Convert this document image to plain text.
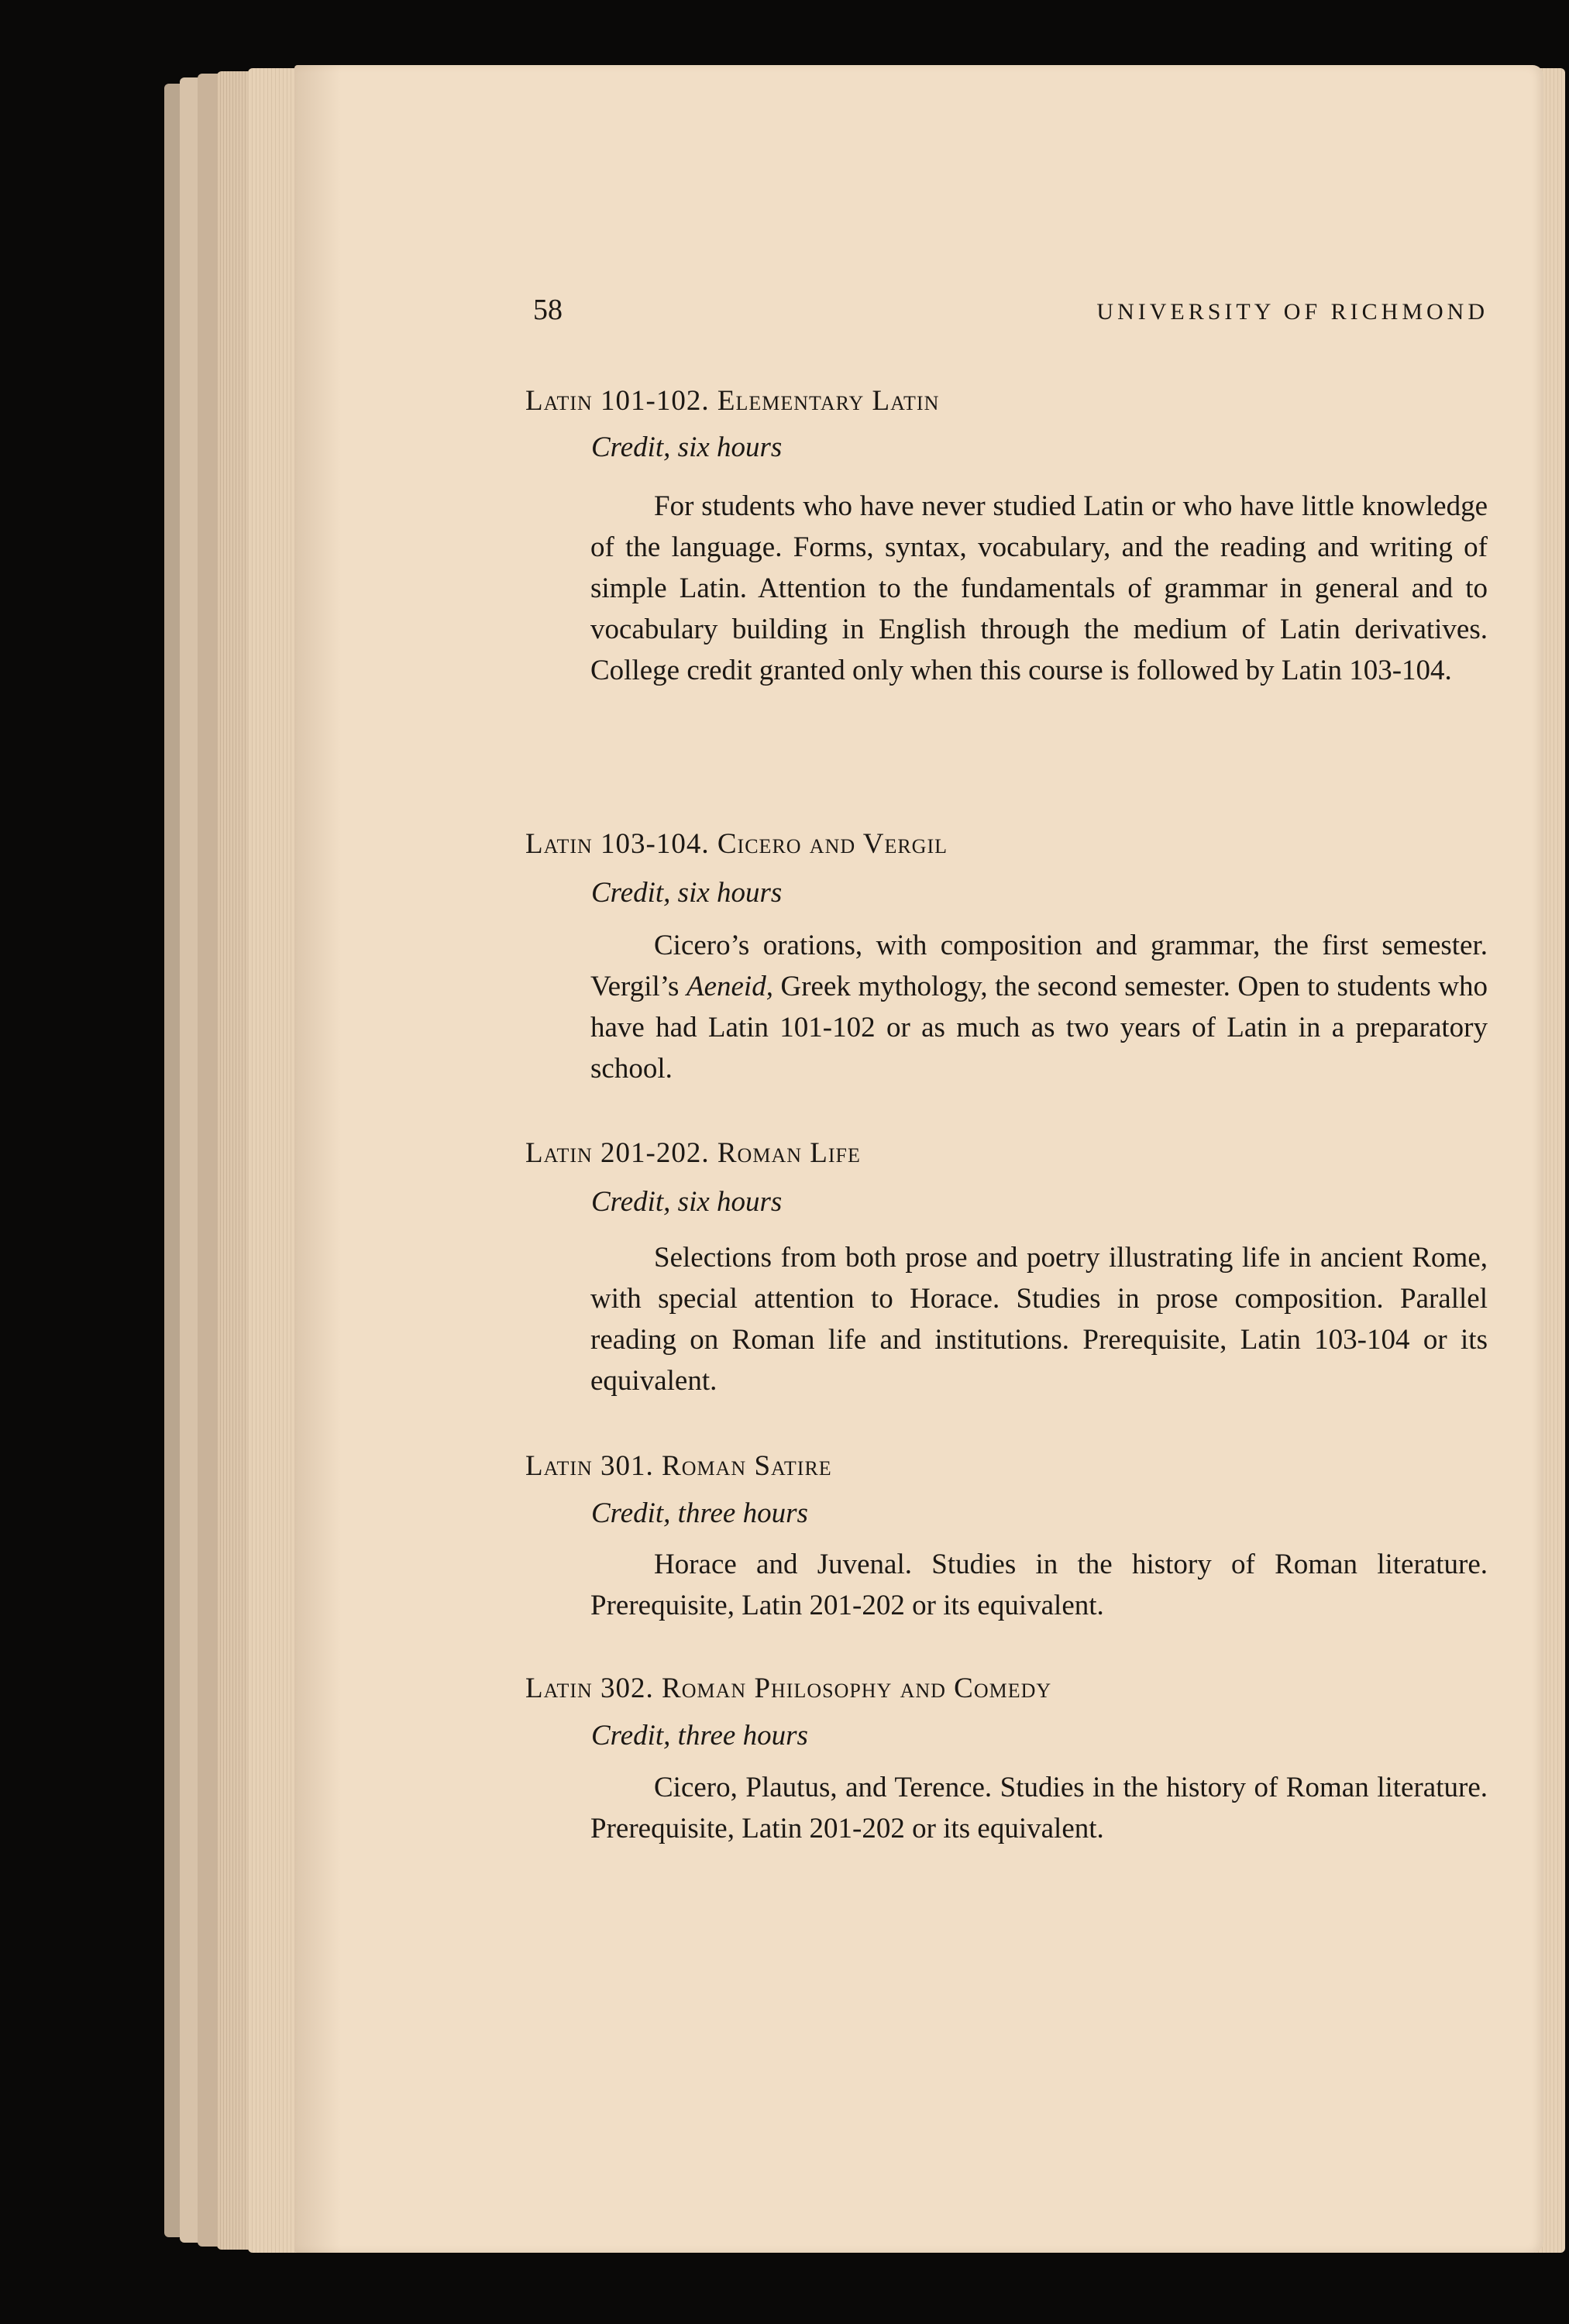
58	UNIVERSITY OF RICHMOND
Latin 101-102. Elementary Latin
Credit, six hours

For students who have never studied Latin or who have little knowledge of the language. Forms, syntax, vocabulary, and the reading and writing of simple Latin. Attention to the fundamentals of grammar in general and to vocabulary building in English through the medium of Latin derivatives. College credit granted only when this course is followed by Latin 103-104.

Latin 103-104. Cicero and Vergil
Credit, six hours

Cicero’s orations, with composition and grammar, the first semester. Vergil’s Aeneid, Greek mythology, the second semester. Open to students who have had Latin 101-102 or as much as two years of Latin in a preparatory school.

Latin 201-202. Roman Life
Credit, six hours

Selections from both prose and poetry illustrating life in ancient Rome, with special attention to Horace. Studies in prose composition. Parallel reading on Roman life and institutions. Prerequisite, Latin 103-104 or its equivalent.

Latin 301. Roman Satire
Credit, three hours

Horace and Juvenal. Studies in the history of Roman literature. Prerequisite, Latin 201-202 or its equivalent.

Latin 302. Roman Philosophy and Comedy
Credit, three hours

Cicero, Plautus, and Terence. Studies in the history of Roman literature. Prerequisite, Latin 201-202 or its equivalent.
